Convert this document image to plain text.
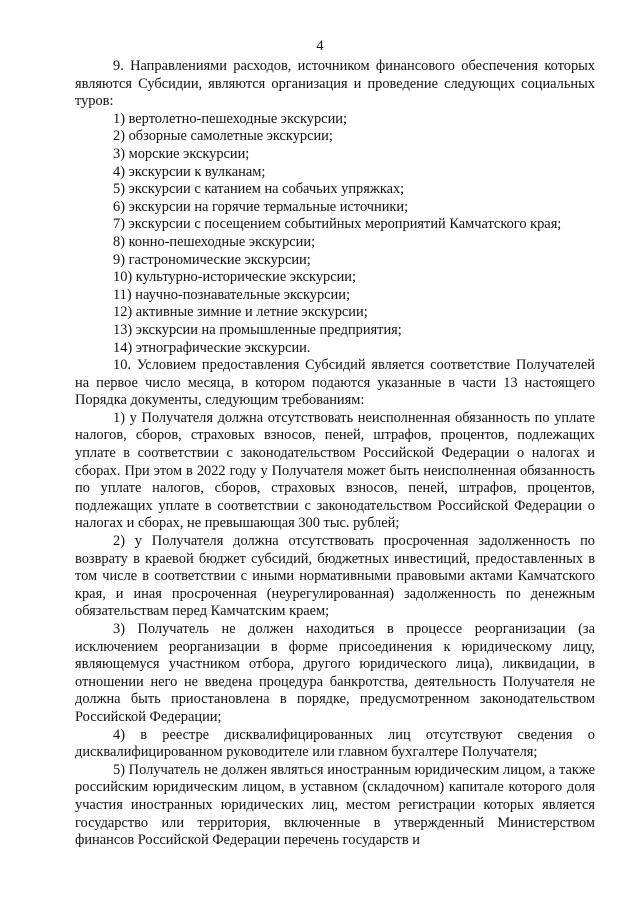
4

9. Направлениями расходов, источником финансового обеспечения которых являются Субсидии, являются организация и проведение следующих социальных туров:

1) вертолетно-пешеходные экскурсии;
2) обзорные самолетные экскурсии;
3) морские экскурсии;
4) экскурсии к вулканам;
5) экскурсии с катанием на собачьих упряжках;
6) экскурсии на горячие термальные источники;
7) экскурсии с посещением событийных мероприятий Камчатского края;
8) конно-пешеходные экскурсии;
9) гастрономические экскурсии;
10) культурно-исторические экскурсии;
11) научно-познавательные экскурсии;
12) активные зимние и летние экскурсии;
13) экскурсии на промышленные предприятия;
14) этнографические экскурсии.

10. Условием предоставления Субсидий является соответствие Получателей на первое число месяца, в котором подаются указанные в части 13 настоящего Порядка документы, следующим требованиям:

1) у Получателя должна отсутствовать неисполненная обязанность по уплате налогов, сборов, страховых взносов, пеней, штрафов, процентов, подлежащих уплате в соответствии с законодательством Российской Федерации о налогах и сборах. При этом в 2022 году у Получателя может быть неисполненная обязанность по уплате налогов, сборов, страховых взносов, пеней, штрафов, процентов, подлежащих уплате в соответствии с законодательством Российской Федерации о налогах и сборах, не превышающая 300 тыс. рублей;

2) у Получателя должна отсутствовать просроченная задолженность по возврату в краевой бюджет субсидий, бюджетных инвестиций, предоставленных в том числе в соответствии с иными нормативными правовыми актами Камчатского края, и иная просроченная (неурегулированная) задолженность по денежным обязательствам перед Камчатским краем;

3) Получатель не должен находиться в процессе реорганизации (за исключением реорганизации в форме присоединения к юридическому лицу, являющемуся участником отбора, другого юридического лица), ликвидации, в отношении него не введена процедура банкротства, деятельность Получателя не должна быть приостановлена в порядке, предусмотренном законодательством Российской Федерации;

4) в реестре дисквалифицированных лиц отсутствуют сведения о дисквалифицированном руководителе или главном бухгалтере Получателя;

5) Получатель не должен являться иностранным юридическим лицом, а также российским юридическим лицом, в уставном (складочном) капитале которого доля участия иностранных юридических лиц, местом регистрации которых является государство или территория, включенные в утвержденный Министерством финансов Российской Федерации перечень государств и
